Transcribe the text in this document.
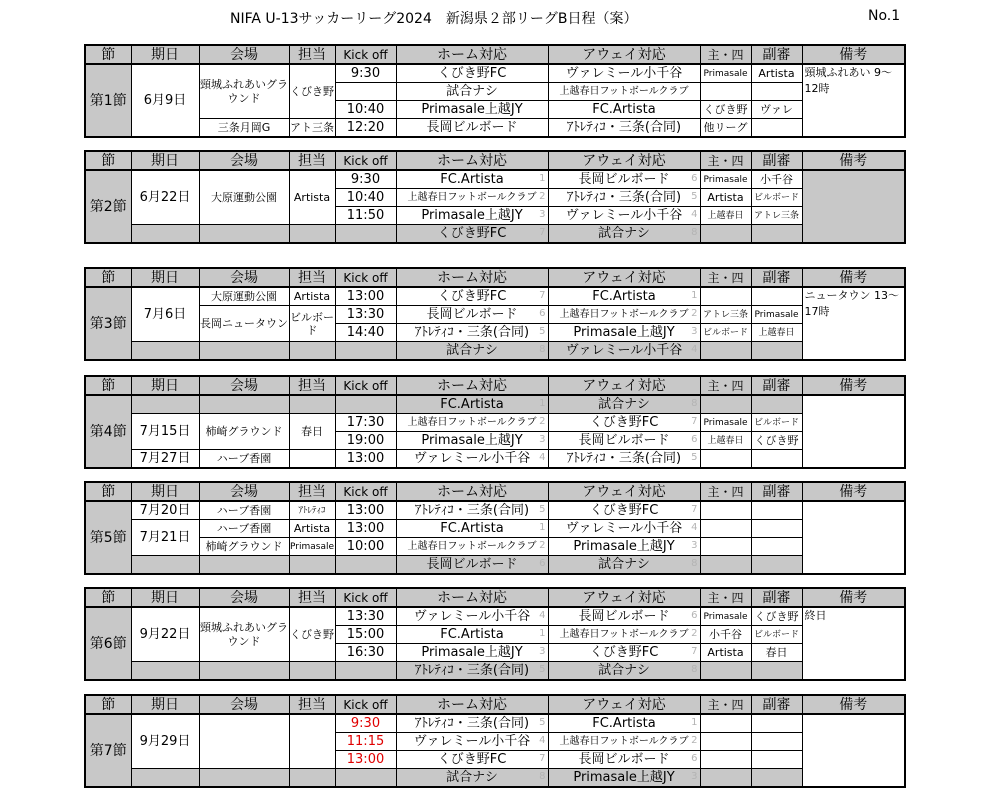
NIFA U-13サッカーリーグ2024　新潟県２部リーグB日程（案）	No.1
節	期日	会場	担当	Kick off	ホーム対応	アウェイ対応	主・四	副審	備考
第1節	6月9日	頸城ふれあいグラウンド	くびき野	9:30	くびき野FC	ヴァレミール小千谷	Primasale	Artista	頸城ふれあい 9～12時
					試合ナシ	上越春日フットボールクラブ			
				10:40	Primasale上越JY	FC.Artista	くびき野	ヴァレ	
		三条月岡G	アト三条	12:20	長岡ビルボード	ｱﾄﾚﾃｨｺ・三条(合同)	他リーグ		
節	期日	会場	担当	Kick off	ホーム対応	アウェイ対応	主・四	副審	備考
第2節	6月22日	大原運動公園	Artista	9:30	FC.Artista 1	長岡ビルボード 6	Primasale	小千谷	
				10:40	上越春日フットボールクラブ 2	ｱﾄﾚﾃｨｺ・三条(合同) 5	Artista	ビルボード	
				11:50	Primasale上越JY 3	ヴァレミール小千谷 4	上越春日	アトレ三条	
					くびき野FC 7	試合ナシ 8			

節	期日	会場	担当	Kick off	ホーム対応	アウェイ対応	主・四	副審	備考
第3節	7月6日	大原運動公園	Artista	13:00	くびき野FC 7	FC.Artista 1			ニュータウン 13～17時
		長岡ニュータウン	ビルボード	13:30	長岡ビルボード 6	上越春日フットボールクラブ 2	アトレ三条	Primasale	
				14:40	ｱﾄﾚﾃｨｺ・三条(合同) 5	Primasale上越JY 3	ビルボード	上越春日	
					試合ナシ 8	ヴァレミール小千谷 4			

節	期日	会場	担当	Kick off	ホーム対応	アウェイ対応	主・四	副審	備考
第4節					FC.Artista 1	試合ナシ 8			

	7月15日	柿崎グラウンド	春日	17:30	上越春日フットボールクラブ 2	くびき野FC 7	Primasale	ビルボード	
				19:00	Primasale上越JY 3	長岡ビルボード 6	上越春日	くびき野	
	7月27日	ハーブ香園		13:00	ヴァレミール小千谷 4	ｱﾄﾚﾃｨｺ・三条(合同) 5			

節	期日	会場	担当	Kick off	ホーム対応	アウェイ対応	主・四	副審	備考
第5節	7月20日	ハーブ香園	ｱﾄﾚﾃｨｺ	13:00	ｱﾄﾚﾃｨｺ・三条(合同) 5	くびき野FC 7			

	7月21日	ハーブ香園	Artista	13:00	FC.Artista 1	ヴァレミール小千谷 4			

		柿崎グラウンド	Primasale	10:00	上越春日フットボールクラブ 2	Primasale上越JY 3			

					長岡ビルボード 6	試合ナシ 8			

節	期日	会場	担当	Kick off	ホーム対応	アウェイ対応	主・四	副審	備考
第6節	9月22日	頸城ふれあいグラウンド	くびき野	13:30	ヴァレミール小千谷 4	長岡ビルボード 6	Primasale	くびき野	終日
				15:00	FC.Artista 1	上越春日フットボールクラブ 2	小千谷	ビルボード	
				16:30	Primasale上越JY 3	くびき野FC 7	Artista	春日	
					ｱﾄﾚﾃｨｺ・三条(合同) 5	試合ナシ 8			

節	期日	会場	担当	Kick off	ホーム対応	アウェイ対応	主・四	副審	備考
第7節	9月29日			9:30	ｱﾄﾚﾃｨｺ・三条(合同) 5	FC.Artista 1			

				11:15	ヴァレミール小千谷 4	上越春日フットボールクラブ 2			

				13:00	くびき野FC 7	長岡ビルボード 6			

					試合ナシ 8	Primasale上越JY 3			
